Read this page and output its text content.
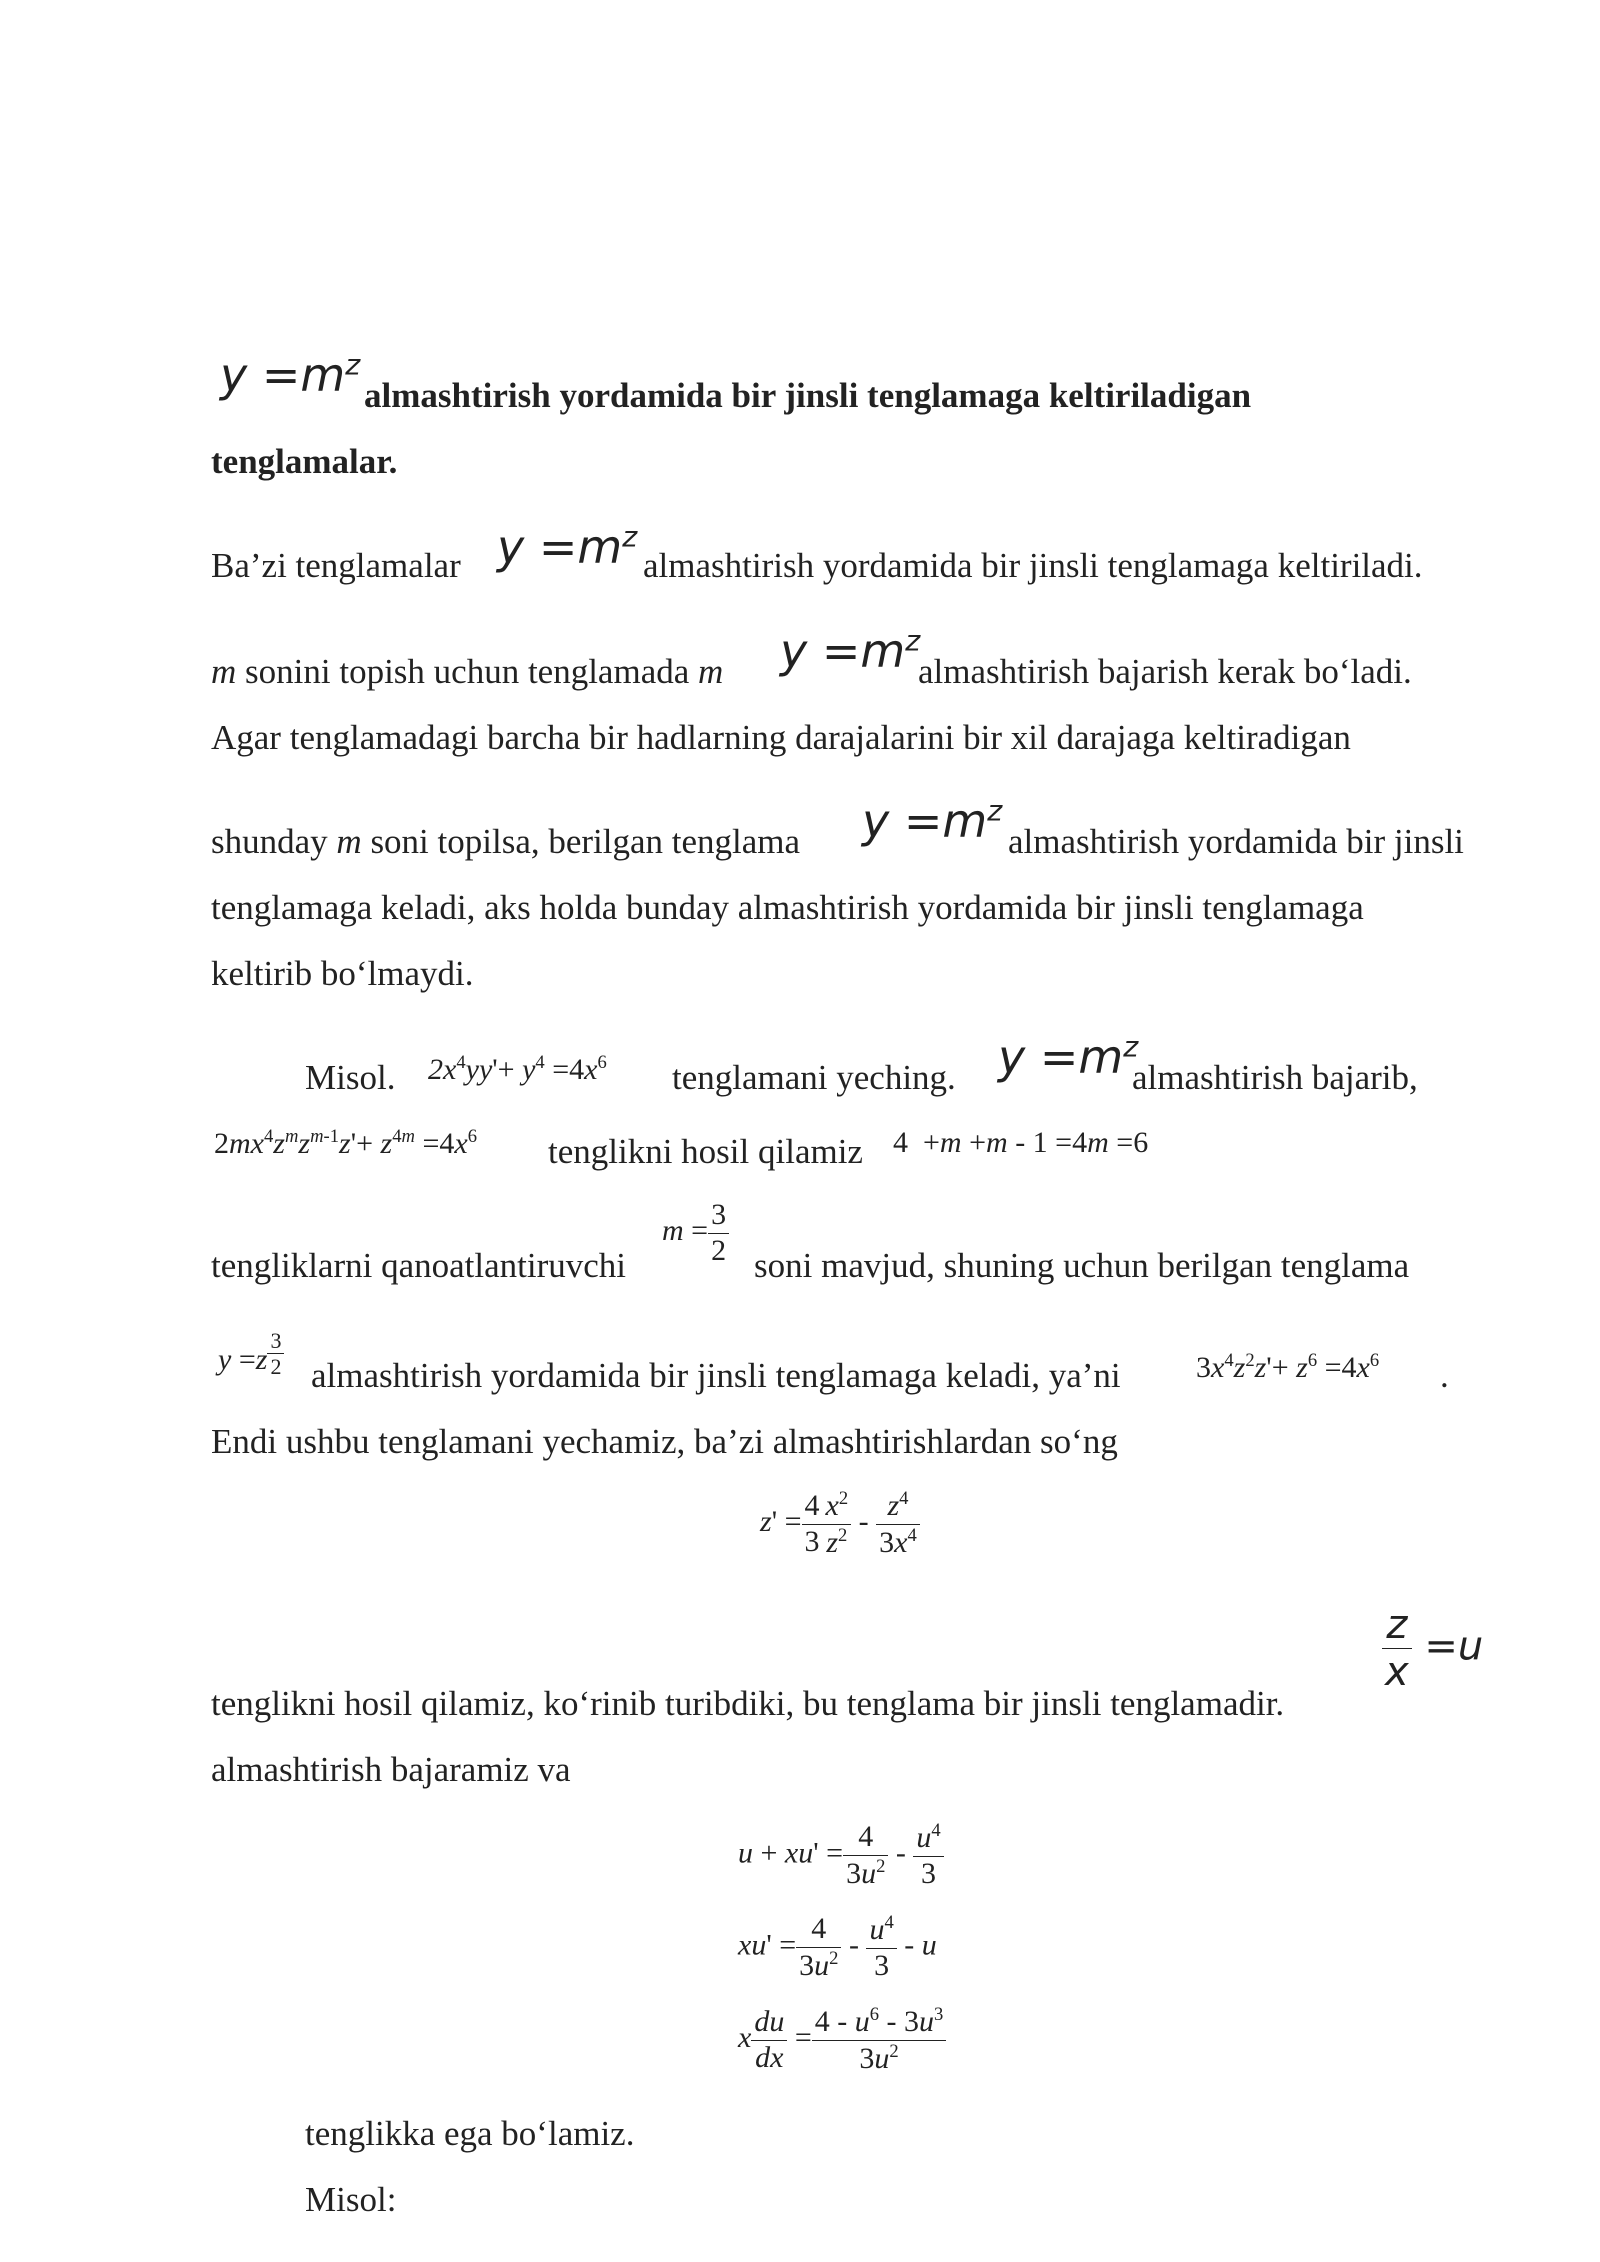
$y =m^z$
almashtirish yordamida bir jinsli tenglamaga keltiriladigan
tenglamalar.
Ba’zi tenglamalar $y =m^z$
almashtirish yordamida bir jinsli tenglamaga keltiriladi.
m sonini topish uchun tenglamada m $y =m^z$
almashtirish bajarish kerak bo‘ladi.
Agar tenglamadagi barcha bir hadlarning darajalarini bir xil darajaga keltiradigan
shunday m soni topilsa, berilgan tenglama $y =m^z$
almashtirish yordamida bir jinsli
tenglamaga keladi, aks holda bunday almashtirish yordamida bir jinsli tenglamaga
keltirib bo‘lmaydi.
Misol. $2x^4yy'+ y^4 =4x^6$ tenglamani yeching. $y =m^z$
almashtirish bajarib,
$2mx^4z^mz^{m-1}z'+ z^{4m} =4x^6$ tenglikni hosil qilamiz 4  +m +m - 1 =4m =6
tengliklarni qanoatlantiruvchi
$m = \frac{3}{2}$ soni mavjud, shuning uchun berilgan tenglama
y =z $^{\frac{3}{2}}$ almashtirish yordamida bir jinsli tenglamaga keladi, ya’ni	$3x^4z^2z'+ z^6 =4x^6$ .
Endi ushbu tenglamani yechamiz, ba’zi almashtirishlardan so‘ng
$z' = \frac{4}{3} \frac{x^2}{z^2} - \frac{z^4}{3x^4}$
tenglikni hosil qilamiz, ko‘rinib turibdiki, bu tenglama bir jinsli tenglamadir.
$\frac{z}{x} =u$
almashtirish bajaramiz va
$u + xu' = \frac{4}{3u^2} - \frac{u^4}{3}$
$xu' = \frac{4}{3u^2} - \frac{u^4}{3} - u$
x $\frac{du}{dx} = \frac{4 - u^6 - 3u^3}{3u^2}$
tenglikka ega bo‘lamiz.
Misol:
